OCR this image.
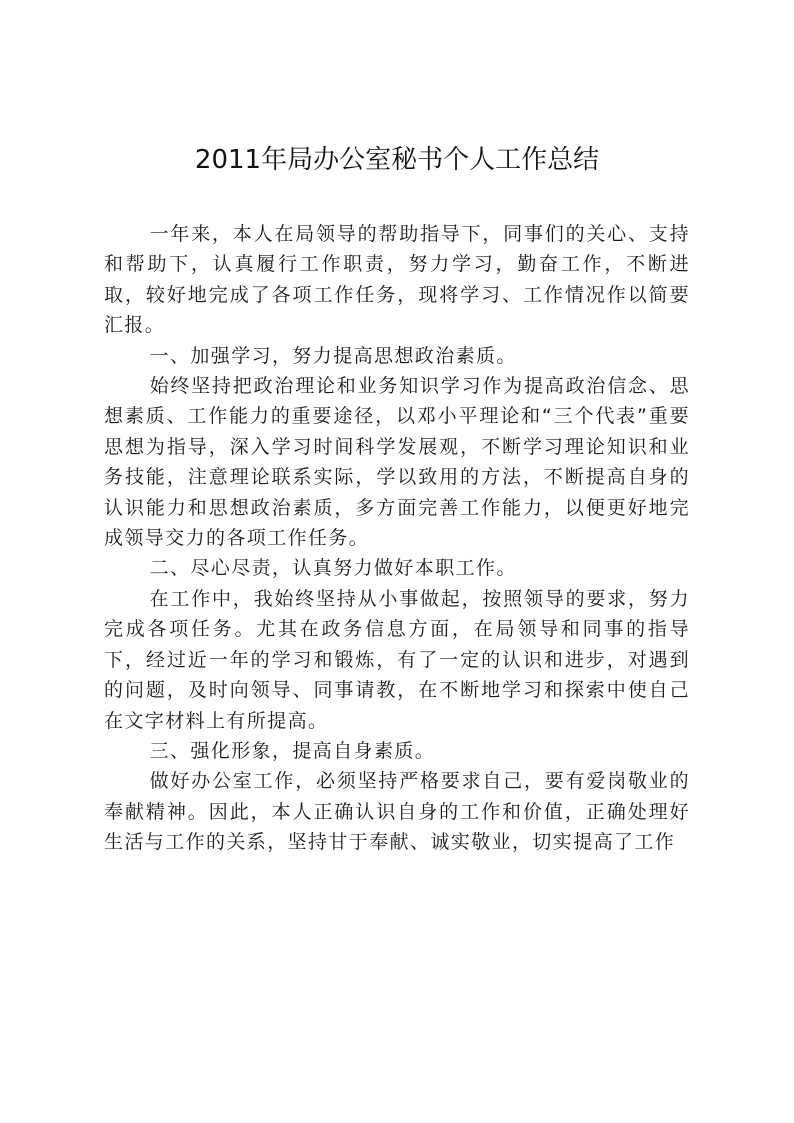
2011年局办公室秘书个人工作总结

一年来，本人在局领导的帮助指导下，同事们的关心、支持和帮助下，认真履行工作职责，努力学习，勤奋工作，不断进取，较好地完成了各项工作任务，现将学习、工作情况作以简要汇报。

一、加强学习，努力提高思想政治素质。

始终坚持把政治理论和业务知识学习作为提高政治信念、思想素质、工作能力的重要途径，以邓小平理论和“三个代表”重要思想为指导，深入学习时间科学发展观，不断学习理论知识和业务技能，注意理论联系实际，学以致用的方法，不断提高自身的认识能力和思想政治素质，多方面完善工作能力，以便更好地完成领导交力的各项工作任务。

二、尽心尽责，认真努力做好本职工作。

在工作中，我始终坚持从小事做起，按照领导的要求，努力完成各项任务。尤其在政务信息方面，在局领导和同事的指导下，经过近一年的学习和锻炼，有了一定的认识和进步，对遇到的问题，及时向领导、同事请教，在不断地学习和探索中使自己在文字材料上有所提高。

三、强化形象，提高自身素质。

做好办公室工作，必须坚持严格要求自己，要有爱岗敬业的奉献精神。因此，本人正确认识自身的工作和价值，正确处理好生活与工作的关系，坚持甘于奉献、诚实敬业，切实提高了工作
